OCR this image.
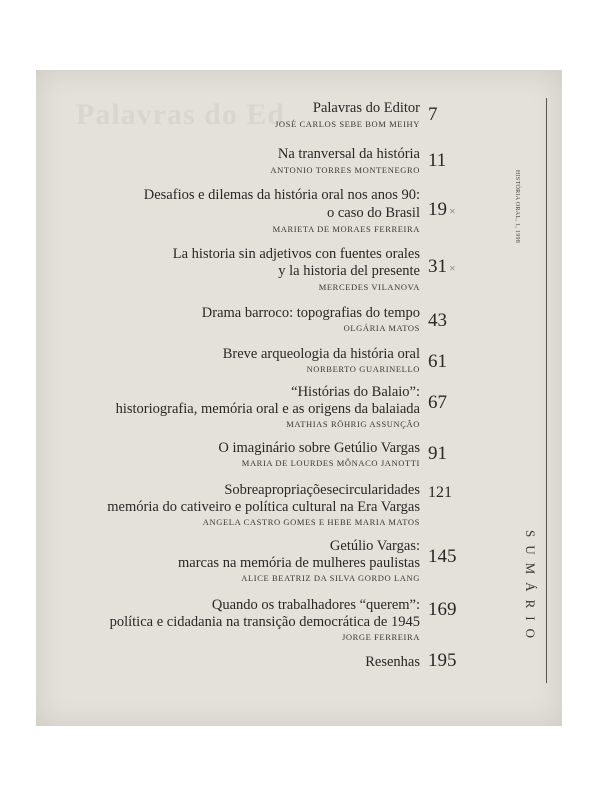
Palavras do Ed Palavras do Editor
JOSÉ CARLOS SEBE BOM MEIHY 7
Na tranversal da história
ANTONIO TORRES MONTENEGRO 11
Desafios e dilemas da história oral nos anos 90:
o caso do Brasil
MARIETA DE MORAES FERREIRA
19 ×
La historia sin adjetivos con fuentes orales
y la historia del presente
MERCEDES VILANOVA
31 ×
Drama barroco: topografias do tempo
OLGÁRIA MATOS 43
Breve arqueologia da história oral
NORBERTO GUARINELLO 61
“Histórias do Balaio”:
historiografia, memória oral e as origens da balaiada
MATHIAS RÖHRIG ASSUNÇÃO
67
O imaginário sobre Getúlio Vargas
MARIA DE LOURDES MÔNACO JANOTTI 91
Sobreapropriaçõesecircularidades
memória do cativeiro e política cultural na Era Vargas
ANGELA CASTRO GOMES E HEBE MARIA MATOS
121
Getúlio Vargas:
marcas na memória de mulheres paulistas
ALICE BEATRIZ DA SILVA GORDO LANG
145
Quando os trabalhadores “querem”:
política e cidadania na transição democrática de 1945
JORGE FERREIRA
169
Resenhas 195
HISTÓRIA ORAL, 1, 1998
SUMÁRIO
